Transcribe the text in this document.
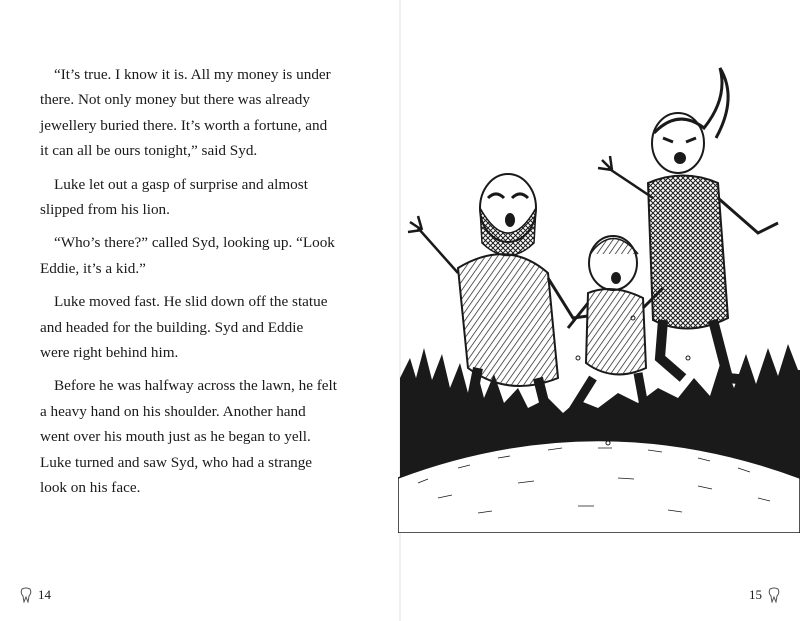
“It’s true. I know it is. All my money is under
there. Not only money but there was already
jewellery buried there. It’s worth a fortune, and
it can all be ours tonight,” said Syd.

Luke let out a gasp of surprise and almost
slipped from his lion.

“Who’s there?” called Syd, looking up. “Look
Eddie, it’s a kid.”

Luke moved fast. He slid down off the statue
and headed for the building. Syd and Eddie
were right behind him.

Before he was halfway across the lawn, he felt
a heavy hand on his shoulder. Another hand
went over his mouth just as he began to yell.
Luke turned and saw Syd, who had a strange
look on his face.

14	15
